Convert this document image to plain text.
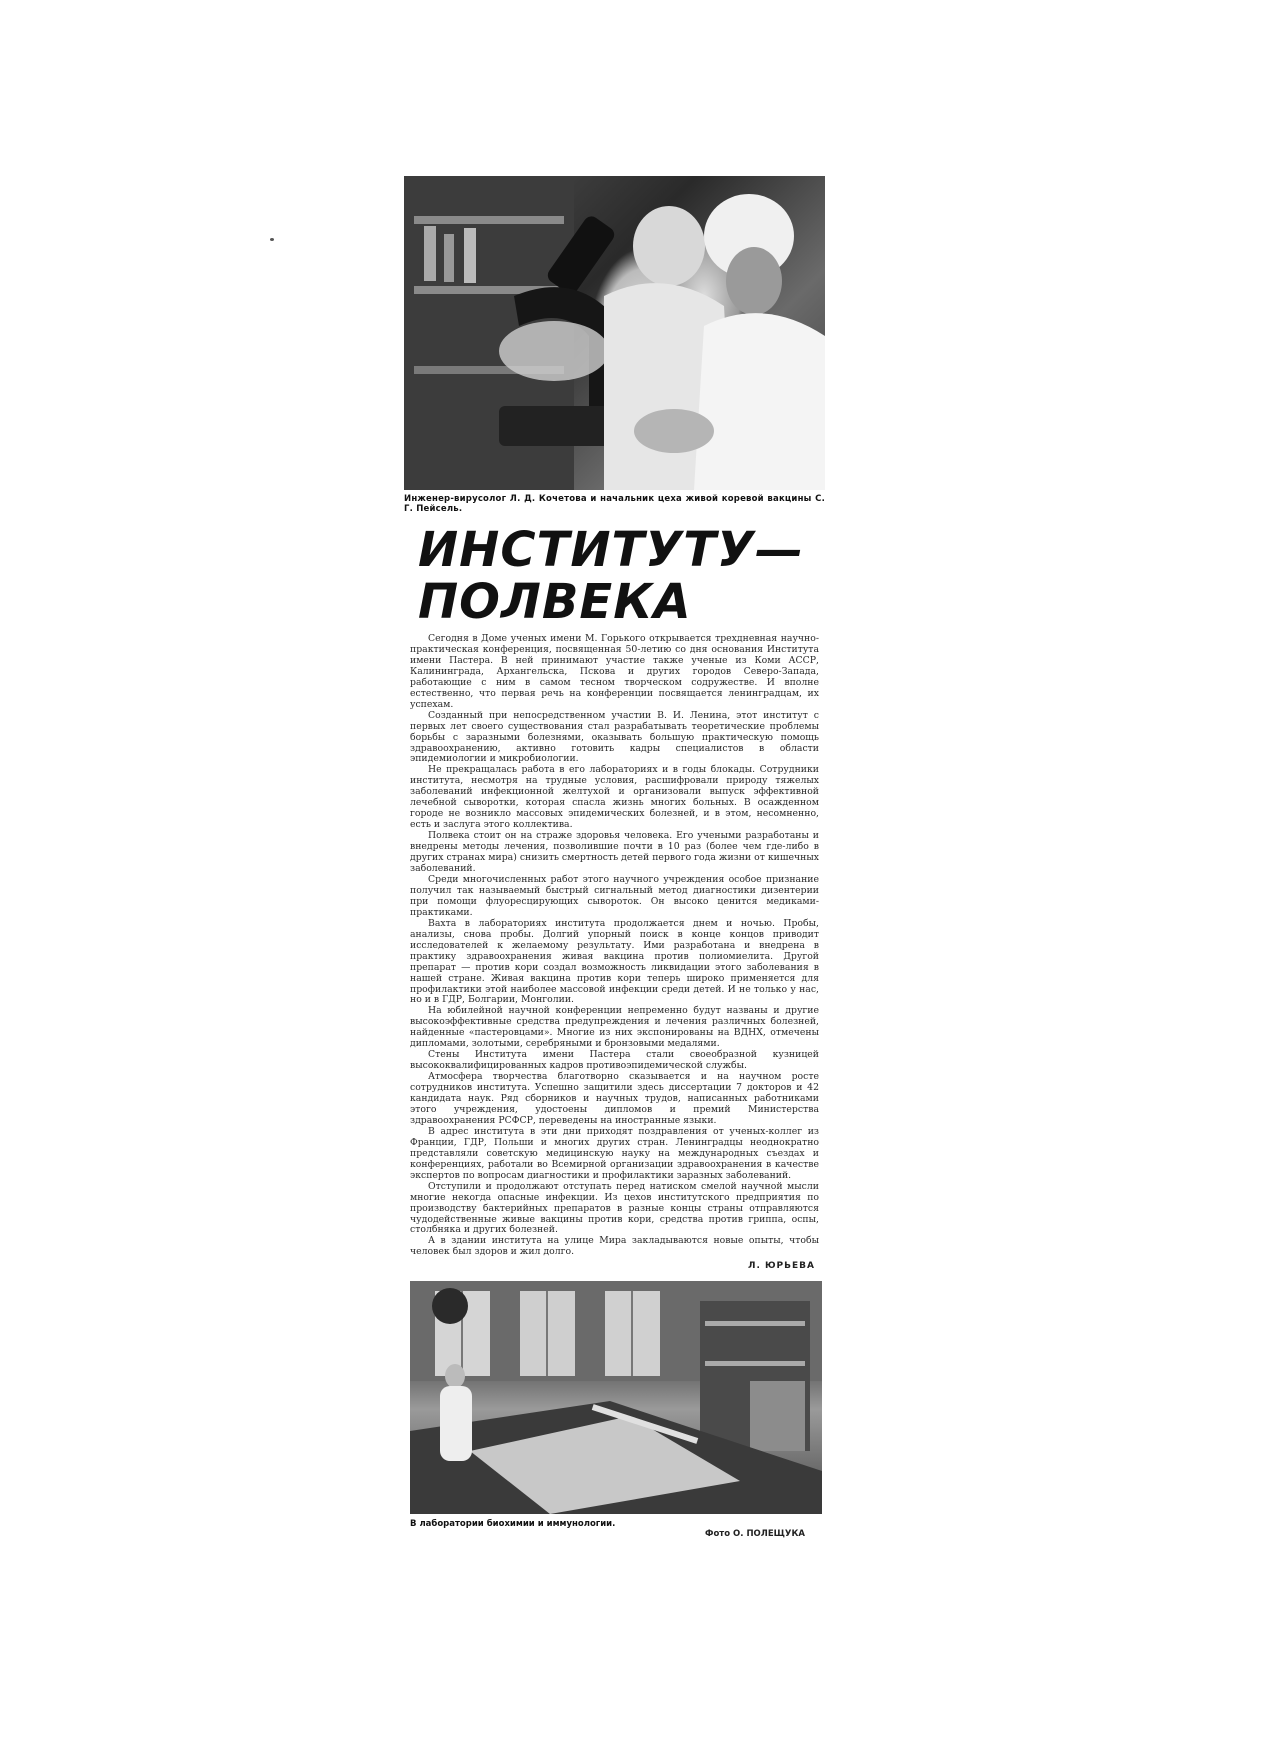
Инженер-вирусолог Л. Д. Кочетова и начальник цеха живой коревой вакцины С. Г. Пейсель.
ИНСТИТУТУ—
ПОЛВЕКА

Сегодня в Доме ученых имени М. Горького открывается трехдневная научно-практическая конференция, посвященная 50-летию со дня основания Института имени Пастера. В ней принимают участие также ученые из Коми АССР, Калининграда, Архангельска, Пскова и других городов Северо-Запада, работающие с ним в самом тесном творческом содружестве. И вполне естественно, что первая речь на конференции посвящается ленинградцам, их успехам.

Созданный при непосредственном участии В. И. Ленина, этот институт с первых лет своего существования стал разрабатывать теоретические проблемы борьбы с заразными болезнями, оказывать большую практическую помощь здравоохранению, активно готовить кадры специалистов в области эпидемиологии и микробиологии.

Не прекращалась работа в его лабораториях и в годы блокады. Сотрудники института, несмотря на трудные условия, расшифровали природу тяжелых заболеваний инфекционной желтухой и организовали выпуск эффективной лечебной сыворотки, которая спасла жизнь многих больных. В осажденном городе не возникло массовых эпидемических болезней, и в этом, несомненно, есть и заслуга этого коллектива.

Полвека стоит он на страже здоровья человека. Его учеными разработаны и внедрены методы лечения, позволившие почти в 10 раз (более чем где-либо в других странах мира) снизить смертность детей первого года жизни от кишечных заболеваний.

Среди многочисленных работ этого научного учреждения особое признание получил так называемый быстрый сигнальный метод диагностики дизентерии при помощи флуоресцирующих сывороток. Он высоко ценится медиками-практиками.

Вахта в лабораториях института продолжается днем и ночью. Пробы, анализы, снова пробы. Долгий упорный поиск в конце концов приводит исследователей к желаемому результату. Ими разработана и внедрена в практику здравоохранения живая вакцина против полиомиелита. Другой препарат — против кори создал возможность ликвидации этого заболевания в нашей стране. Живая вакцина против кори теперь широко применяется для профилактики этой наиболее массовой инфекции среди детей. И не только у нас, но и в ГДР, Болгарии, Монголии.

На юбилейной научной конференции непременно будут названы и другие высокоэффективные средства предупреждения и лечения различных болезней, найденные «пастеровцами». Многие из них экспонированы на ВДНХ, отмечены дипломами, золотыми, серебряными и бронзовыми медалями.

Стены Института имени Пастера стали своеобразной кузницей высококвалифицированных кадров противоэпидемической службы.

Атмосфера творчества благотворно сказывается и на научном росте сотрудников института. Успешно защитили здесь диссертации 7 докторов и 42 кандидата наук. Ряд сборников и научных трудов, написанных работниками этого учреждения, удостоены дипломов и премий Министерства здравоохранения РСФСР, переведены на иностранные языки.

В адрес института в эти дни приходят поздравления от ученых-коллег из Франции, ГДР, Польши и многих других стран. Ленинградцы неоднократно представляли советскую медицинскую науку на международных съездах и конференциях, работали во Всемирной организации здравоохранения в качестве экспертов по вопросам диагностики и профилактики заразных заболеваний.

Отступили и продолжают отступать перед натиском смелой научной мысли многие некогда опасные инфекции. Из цехов институтского предприятия по производству бактерийных препаратов в разные концы страны отправляются чудодейственные живые вакцины против кори, средства против гриппа, оспы, столбняка и других болезней.

А в здании института на улице Мира закладываются новые опыты, чтобы человек был здоров и жил долго.

Л. ЮРЬЕВА
В лаборатории биохимии и иммунологии.
Фото О. ПОЛЕЩУКА
